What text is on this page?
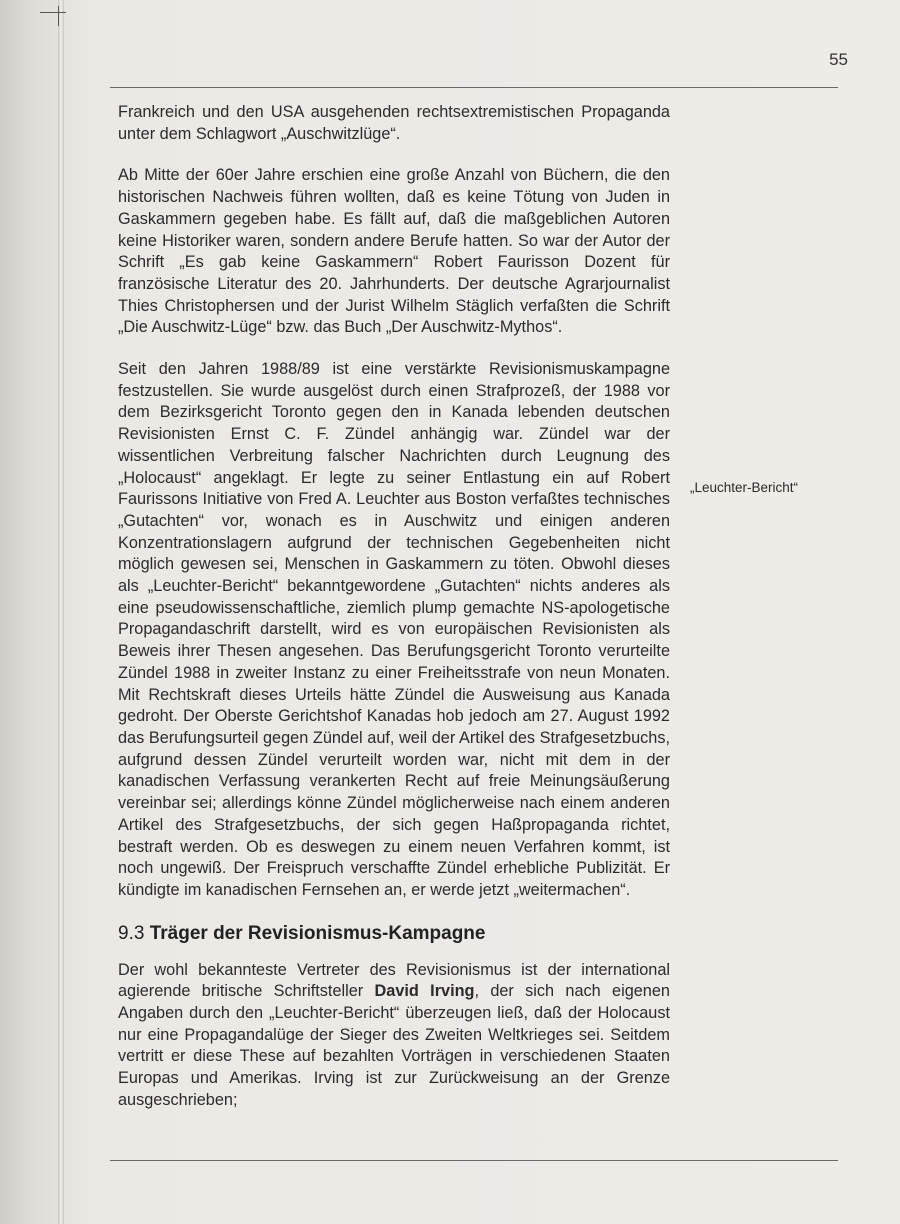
55

Frankreich und den USA ausgehenden rechtsextremistischen Propaganda unter dem Schlagwort „Auschwitzlüge“.

Ab Mitte der 60er Jahre erschien eine große Anzahl von Büchern, die den historischen Nachweis führen wollten, daß es keine Tötung von Juden in Gaskammern gegeben habe. Es fällt auf, daß die maßgeblichen Autoren keine Historiker waren, sondern andere Berufe hatten. So war der Autor der Schrift „Es gab keine Gaskammern“ Robert Faurisson Dozent für französische Literatur des 20. Jahrhunderts. Der deutsche Agrarjournalist Thies Christophersen und der Jurist Wilhelm Stäglich verfaßten die Schrift „Die Auschwitz-Lüge“ bzw. das Buch „Der Auschwitz-Mythos“.

Seit den Jahren 1988/89 ist eine verstärkte Revisionismuskampagne festzustellen. Sie wurde ausgelöst durch einen Strafprozeß, der 1988 vor dem Bezirksgericht Toronto gegen den in Kanada lebenden deutschen Revisionisten Ernst C. F. Zündel anhängig war. Zündel war der wissentlichen Verbreitung falscher Nachrichten durch Leugnung des „Holocaust“ angeklagt. Er legte zu seiner Entlastung ein auf Robert Faurissons Initiative von Fred A. Leuchter aus Boston verfaßtes technisches „Gutachten“ vor, wonach es in Auschwitz und einigen anderen Konzentrationslagern aufgrund der technischen Gegebenheiten nicht möglich gewesen sei, Menschen in Gaskammern zu töten. Obwohl dieses als „Leuchter-Bericht“ bekanntgewordene „Gutachten“ nichts anderes als eine pseudowissenschaftliche, ziemlich plump gemachte NS-apologetische Propagandaschrift darstellt, wird es von europäischen Revisionisten als Beweis ihrer Thesen angesehen. Das Berufungsgericht Toronto verurteilte Zündel 1988 in zweiter Instanz zu einer Freiheitsstrafe von neun Monaten. Mit Rechtskraft dieses Urteils hätte Zündel die Ausweisung aus Kanada gedroht. Der Oberste Gerichtshof Kanadas hob jedoch am 27. August 1992 das Berufungsurteil gegen Zündel auf, weil der Artikel des Strafgesetzbuchs, aufgrund dessen Zündel verurteilt worden war, nicht mit dem in der kanadischen Verfassung verankerten Recht auf freie Meinungsäußerung vereinbar sei; allerdings könne Zündel möglicherweise nach einem anderen Artikel des Strafgesetzbuchs, der sich gegen Haßpropaganda richtet, bestraft werden. Ob es deswegen zu einem neuen Verfahren kommt, ist noch ungewiß. Der Freispruch verschaffte Zündel erhebliche Publizität. Er kündigte im kanadischen Fernsehen an, er werde jetzt „weitermachen“.

9.3 Träger der Revisionismus-Kampagne

Der wohl bekannteste Vertreter des Revisionismus ist der international agierende britische Schriftsteller David Irving, der sich nach eigenen Angaben durch den „Leuchter-Bericht“ überzeugen ließ, daß der Holocaust nur eine Propagandalüge der Sieger des Zweiten Weltkrieges sei. Seitdem vertritt er diese These auf bezahlten Vorträgen in verschiedenen Staaten Europas und Amerikas. Irving ist zur Zurückweisung an der Grenze ausgeschrieben;

„Leuchter-Bericht“
